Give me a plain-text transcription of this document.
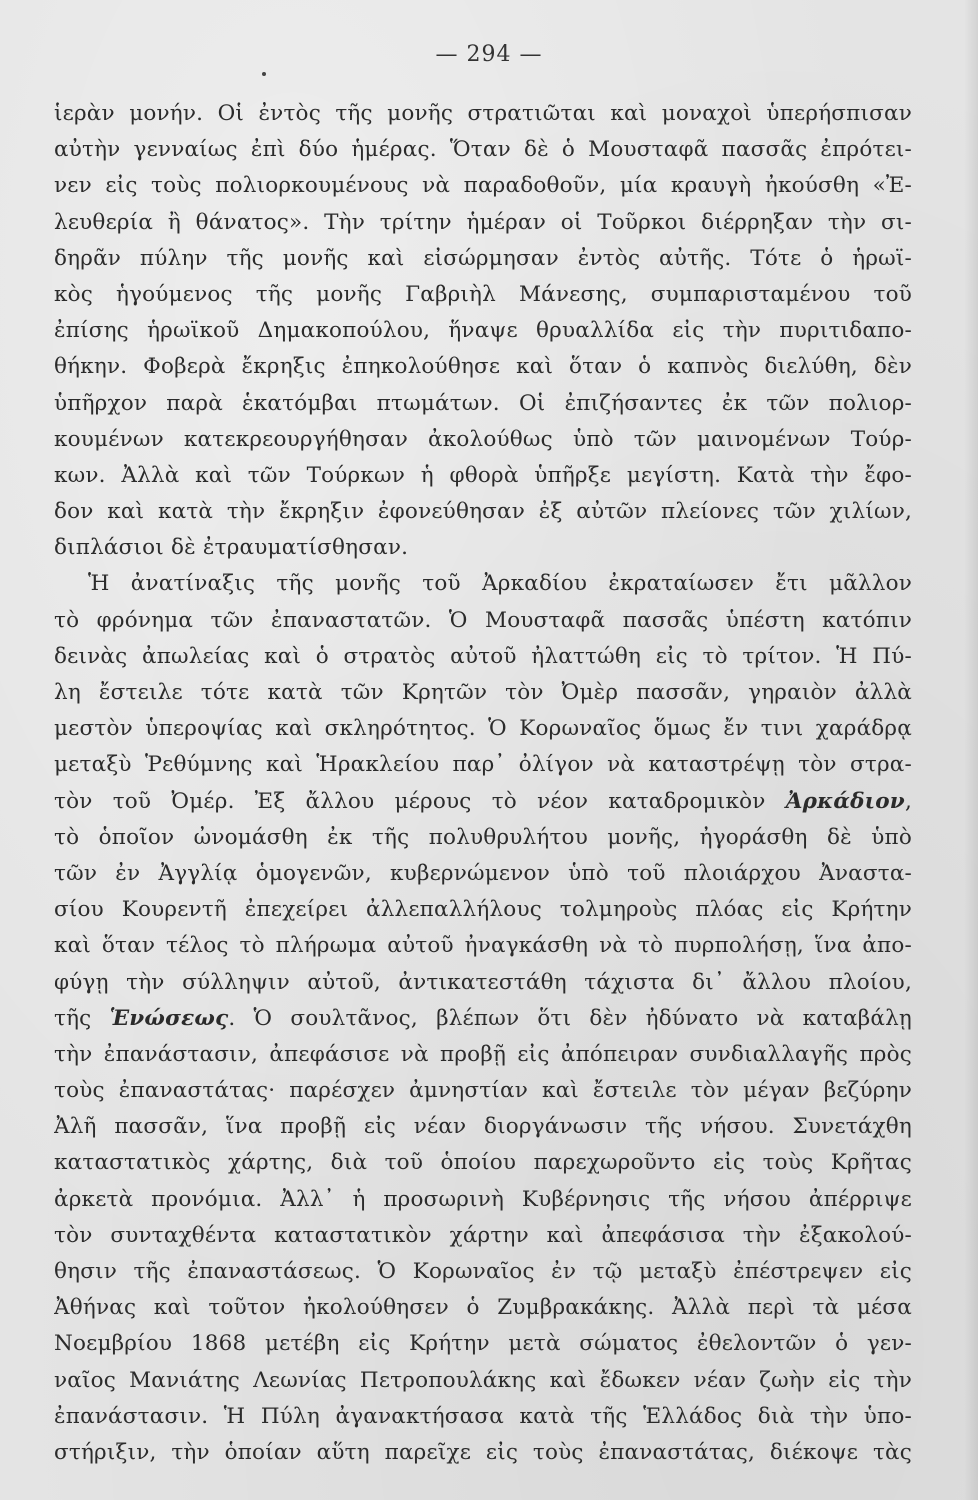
— 294 —
ἱερὰν μονήν. Οἱ ἐντὸς τῆς μονῆς στρατιῶται καὶ μοναχοὶ ὑπερήσπισαν
αὐτὴν γενναίως ἐπὶ δύο ἡμέρας. Ὅταν δὲ ὁ Μουσταφᾶ πασσᾶς ἐπρότει-
νεν εἰς τοὺς πολιορκουμένους νὰ παραδοθοῦν, μία κραυγὴ ἠκούσθη «Ἐ-
λευθερία ἢ θάνατος». Τὴν τρίτην ἡμέραν οἱ Τοῦρκοι διέρρηξαν τὴν σι-
δηρᾶν πύλην τῆς μονῆς καὶ εἰσώρμησαν ἐντὸς αὐτῆς. Τότε ὁ ἡρωϊ-
κὸς ἡγούμενος τῆς μονῆς Γαβριὴλ Μάνεσης, συμπαρισταμένου τοῦ
ἐπίσης ἡρωϊκοῦ Δημακοπούλου, ἥναψε θρυαλλίδα εἰς τὴν πυριτιδαπο-
θήκην. Φοβερὰ ἔκρηξις ἐπηκολούθησε καὶ ὅταν ὁ καπνὸς διελύθη, δὲν
ὑπῆρχον παρὰ ἑκατόμβαι πτωμάτων. Οἱ ἐπιζήσαντες ἐκ τῶν πολιορ-
κουμένων κατεκρεουργήθησαν ἀκολούθως ὑπὸ τῶν μαινομένων Τούρ-
κων. Ἀλλὰ καὶ τῶν Τούρκων ἡ φθορὰ ὑπῆρξε μεγίστη. Κατὰ τὴν ἔφο-
δον καὶ κατὰ τὴν ἔκρηξιν ἐφονεύθησαν ἐξ αὐτῶν πλείονες τῶν χιλίων,
διπλάσιοι δὲ ἐτραυματίσθησαν.
Ἡ ἀνατίναξις τῆς μονῆς τοῦ Ἀρκαδίου ἐκραταίωσεν ἔτι μᾶλλον
τὸ φρόνημα τῶν ἐπαναστατῶν. Ὁ Μουσταφᾶ πασσᾶς ὑπέστη κατόπιν
δεινὰς ἀπωλείας καὶ ὁ στρατὸς αὐτοῦ ἠλαττώθη εἰς τὸ τρίτον. Ἡ Πύ-
λη ἔστειλε τότε κατὰ τῶν Κρητῶν τὸν Ὀμὲρ πασσᾶν, γηραιὸν ἀλλὰ
μεστὸν ὑπεροψίας καὶ σκληρότητος. Ὁ Κορωναῖος ὅμως ἔν τινι χαράδρᾳ
μεταξὺ Ῥεθύμνης καὶ Ἡρακλείου παρ᾽ ὀλίγον νὰ καταστρέψῃ τὸν στρα-
τὸν τοῦ Ὀμέρ. Ἐξ ἄλλου μέρους τὸ νέον καταδρομικὸν Ἀρκάδιον,
τὸ ὁποῖον ὠνομάσθη ἐκ τῆς πολυθρυλήτου μονῆς, ἠγοράσθη δὲ ὑπὸ
τῶν ἐν Ἀγγλίᾳ ὁμογενῶν, κυβερνώμενον ὑπὸ τοῦ πλοιάρχου Ἀναστα-
σίου Κουρεντῆ ἐπεχείρει ἀλλεπαλλήλους τολμηροὺς πλόας εἰς Κρήτην
καὶ ὅταν τέλος τὸ πλήρωμα αὐτοῦ ἠναγκάσθη νὰ τὸ πυρπολήσῃ, ἵνα ἀπο-
φύγῃ τὴν σύλληψιν αὐτοῦ, ἀντικατεστάθη τάχιστα δι᾽ ἄλλου πλοίου,
τῆς Ἑνώσεως. Ὁ σουλτᾶνος, βλέπων ὅτι δὲν ἠδύνατο νὰ καταβάλῃ
τὴν ἐπανάστασιν, ἀπεφάσισε νὰ προβῇ εἰς ἀπόπειραν συνδιαλλαγῆς πρὸς
τοὺς ἐπαναστάτας· παρέσχεν ἀμνηστίαν καὶ ἔστειλε τὸν μέγαν βεζύρην
Ἀλῆ πασσᾶν, ἵνα προβῇ εἰς νέαν διοργάνωσιν τῆς νήσου. Συνετάχθη
καταστατικὸς χάρτης, διὰ τοῦ ὁποίου παρεχωροῦντο εἰς τοὺς Κρῆτας
ἀρκετὰ προνόμια. Ἀλλ᾽ ἡ προσωρινὴ Κυβέρνησις τῆς νήσου ἀπέρριψε
τὸν συνταχθέντα καταστατικὸν χάρτην καὶ ἀπεφάσισα τὴν ἐξακολού-
θησιν τῆς ἐπαναστάσεως. Ὁ Κορωναῖος ἐν τῷ μεταξὺ ἐπέστρεψεν εἰς
Ἀθήνας καὶ τοῦτον ἠκολούθησεν ὁ Ζυμβρακάκης. Ἀλλὰ περὶ τὰ μέσα
Νοεμβρίου 1868 μετέβη εἰς Κρήτην μετὰ σώματος ἐθελοντῶν ὁ γεν-
ναῖος Μανιάτης Λεωνίας Πετροπουλάκης καὶ ἔδωκεν νέαν ζωὴν εἰς τὴν
ἐπανάστασιν. Ἡ Πύλη ἀγανακτήσασα κατὰ τῆς Ἑλλάδος διὰ τὴν ὑπο-
στήριξιν, τὴν ὁποίαν αὕτη παρεῖχε εἰς τοὺς ἐπαναστάτας, διέκοψε τὰς
